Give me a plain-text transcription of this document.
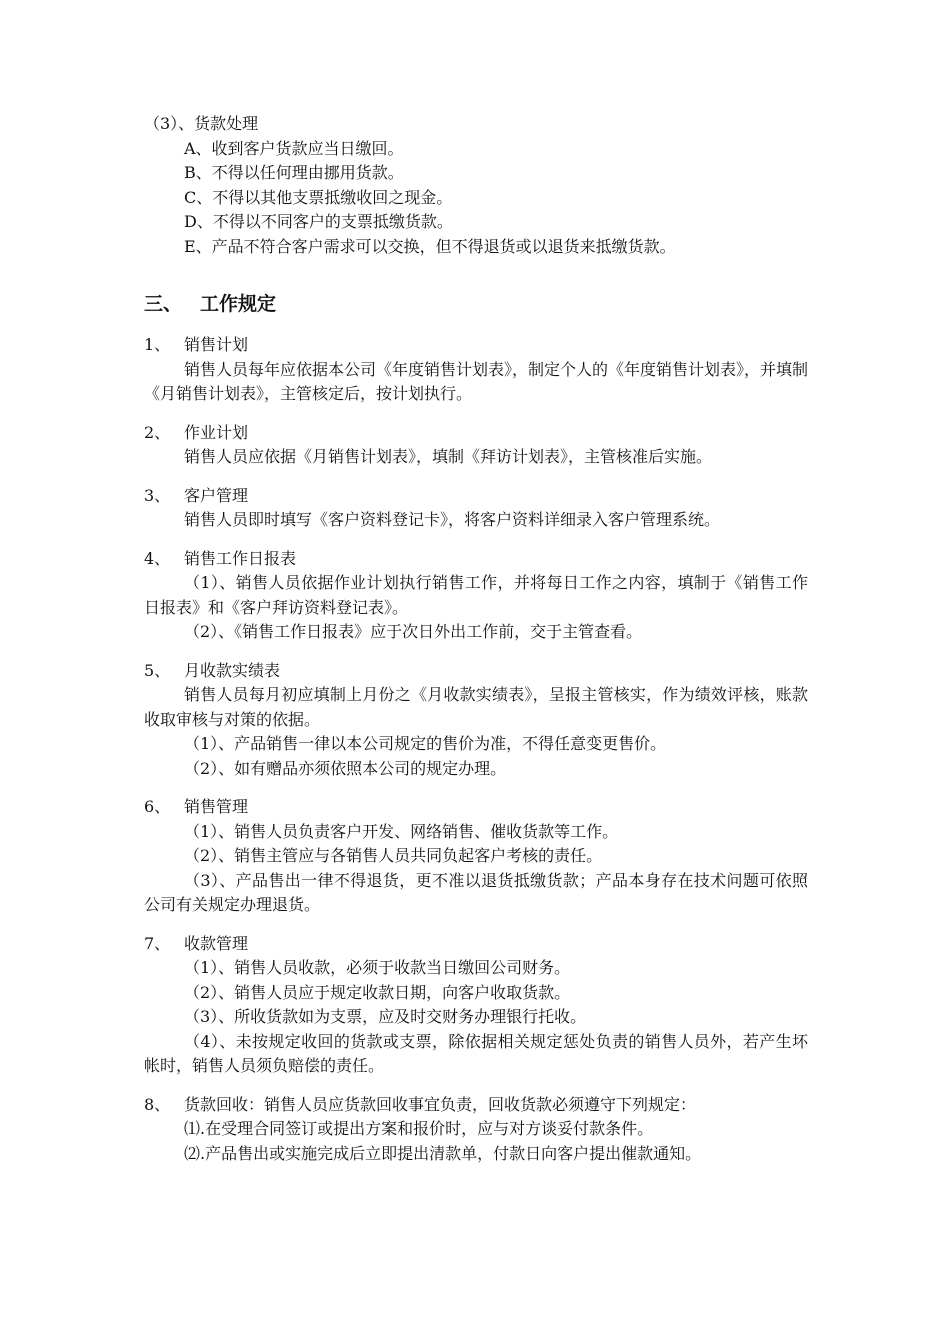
（3）、货款处理

A、收到客户货款应当日缴回。

B、不得以任何理由挪用货款。

C、不得以其他支票抵缴收回之现金。

D、不得以不同客户的支票抵缴货款。

E、产品不符合客户需求可以交换，但不得退货或以退货来抵缴货款。

三、 工作规定

1、 销售计划

销售人员每年应依据本公司《年度销售计划表》，制定个人的《年度销售计划表》，并填制《月销售计划表》，主管核定后，按计划执行。

2、 作业计划

销售人员应依据《月销售计划表》，填制《拜访计划表》，主管核准后实施。

3、 客户管理

销售人员即时填写《客户资料登记卡》，将客户资料详细录入客户管理系统。

4、 销售工作日报表

（1）、销售人员依据作业计划执行销售工作，并将每日工作之内容，填制于《销售工作日报表》和《客户拜访资料登记表》。

（2）、《销售工作日报表》应于次日外出工作前，交于主管查看。

5、 月收款实绩表

销售人员每月初应填制上月份之《月收款实绩表》，呈报主管核实，作为绩效评核，账款收取审核与对策的依据。

（1）、产品销售一律以本公司规定的售价为准，不得任意变更售价。

（2）、如有赠品亦须依照本公司的规定办理。

6、 销售管理

（1）、销售人员负责客户开发、网络销售、催收货款等工作。

（2）、销售主管应与各销售人员共同负起客户考核的责任。

（3）、产品售出一律不得退货，更不准以退货抵缴货款；产品本身存在技术问题可依照公司有关规定办理退货。

7、 收款管理

（1）、销售人员收款，必须于收款当日缴回公司财务。

（2）、销售人员应于规定收款日期，向客户收取货款。

（3）、所收货款如为支票，应及时交财务办理银行托收。

（4）、未按规定收回的货款或支票，除依据相关规定惩处负责的销售人员外，若产生坏帐时，销售人员须负赔偿的责任。

8、 货款回收：销售人员应货款回收事宜负责，回收货款必须遵守下列规定：

⑴.在受理合同签订或提出方案和报价时，应与对方谈妥付款条件。

⑵.产品售出或实施完成后立即提出清款单，付款日向客户提出催款通知。
